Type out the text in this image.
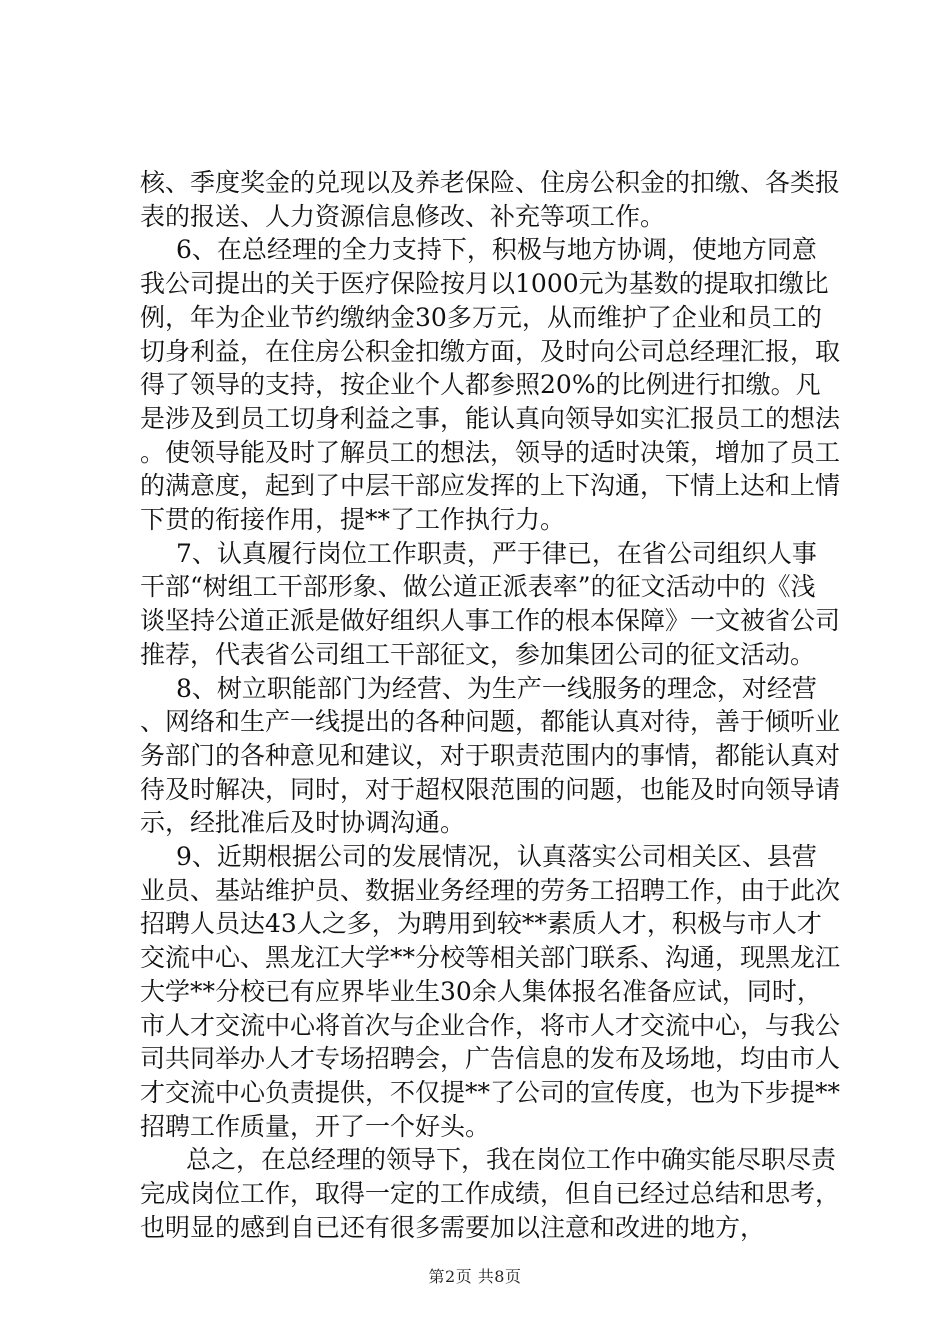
核、季度奖金的兑现以及养老保险、住房公积金的扣缴、各类报表的报送、人力资源信息修改、补充等项工作。

6、在总经理的全力支持下，积极与地方协调，使地方同意我公司提出的关于医疗保险按月以1000元为基数的提取扣缴比例，年为企业节约缴纳金30多万元，从而维护了企业和员工的切身利益，在住房公积金扣缴方面，及时向公司总经理汇报，取得了领导的支持，按企业个人都参照20%的比例进行扣缴。凡是涉及到员工切身利益之事，能认真向领导如实汇报员工的想法。使领导能及时了解员工的想法，领导的适时决策，增加了员工的满意度，起到了中层干部应发挥的上下沟通，下情上达和上情下贯的衔接作用，提**了工作执行力。

7、认真履行岗位工作职责，严于律已，在省公司组织人事干部“树组工干部形象、做公道正派表率”的征文活动中的《浅谈坚持公道正派是做好组织人事工作的根本保障》一文被省公司推荐，代表省公司组工干部征文，参加集团公司的征文活动。

8、树立职能部门为经营、为生产一线服务的理念，对经营、网络和生产一线提出的各种问题，都能认真对待，善于倾听业务部门的各种意见和建议，对于职责范围内的事情，都能认真对待及时解决，同时，对于超权限范围的问题，也能及时向领导请示，经批准后及时协调沟通。

9、近期根据公司的发展情况，认真落实公司相关区、县营业员、基站维护员、数据业务经理的劳务工招聘工作，由于此次招聘人员达43人之多，为聘用到较**素质人才，积极与市人才交流中心、黑龙江大学**分校等相关部门联系、沟通，现黑龙江大学**分校已有应界毕业生30余人集体报名准备应试，同时，市人才交流中心将首次与企业合作，将市人才交流中心，与我公司共同举办人才专场招聘会，广告信息的发布及场地，均由市人才交流中心负责提供，不仅提**了公司的宣传度，也为下步提**招聘工作质量，开了一个好头。

总之，在总经理的领导下，我在岗位工作中确实能尽职尽责完成岗位工作，取得一定的工作成绩，但自已经过总结和思考，也明显的感到自已还有很多需要加以注意和改进的地方，

第2页 共8页
